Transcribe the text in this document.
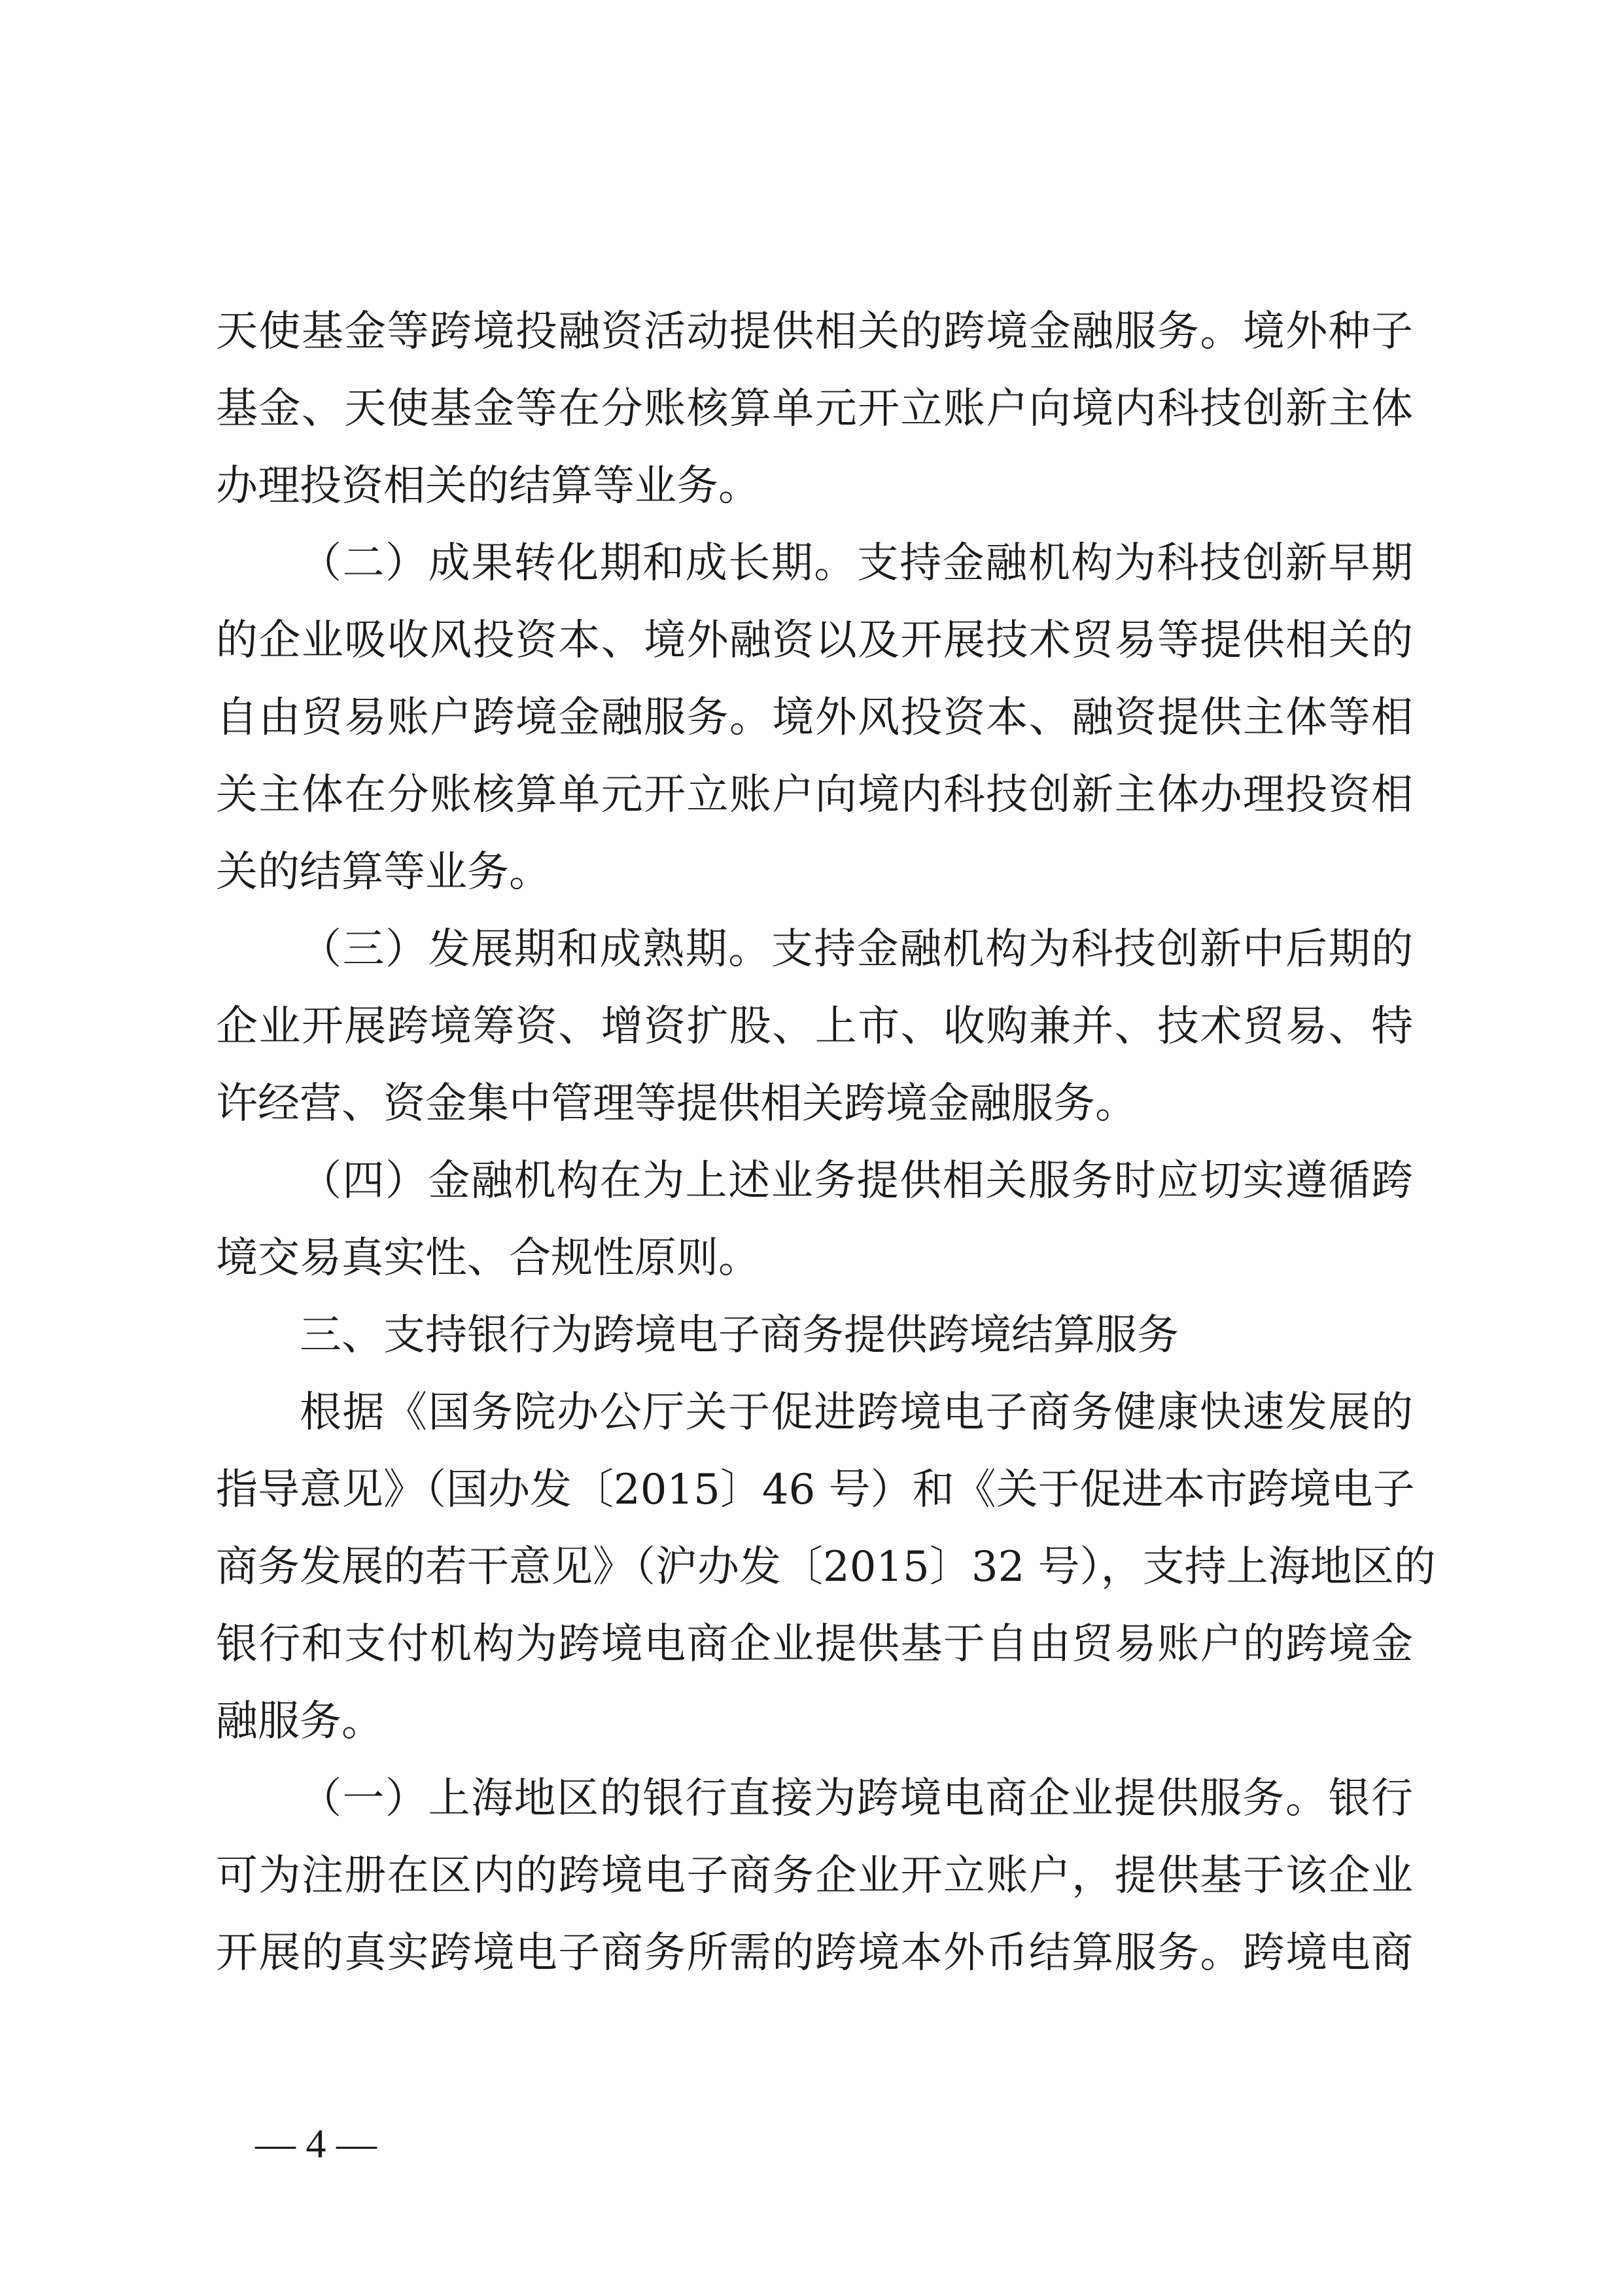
天使基金等跨境投融资活动提供相关的跨境金融服务。境外种子
基金、天使基金等在分账核算单元开立账户向境内科技创新主体
办理投资相关的结算等业务。
（二）成果转化期和成长期。支持金融机构为科技创新早期
的企业吸收风投资本、境外融资以及开展技术贸易等提供相关的
自由贸易账户跨境金融服务。境外风投资本、融资提供主体等相
关主体在分账核算单元开立账户向境内科技创新主体办理投资相
关的结算等业务。
（三）发展期和成熟期。支持金融机构为科技创新中后期的
企业开展跨境筹资、增资扩股、上市、收购兼并、技术贸易、特
许经营、资金集中管理等提供相关跨境金融服务。
（四）金融机构在为上述业务提供相关服务时应切实遵循跨
境交易真实性、合规性原则。
三、支持银行为跨境电子商务提供跨境结算服务
根据《国务院办公厅关于促进跨境电子商务健康快速发展的
指导意见》（国办发〔2015〕46 号）和《关于促进本市跨境电子
商务发展的若干意见》（沪办发〔2015〕32 号），支持上海地区的
银行和支付机构为跨境电商企业提供基于自由贸易账户的跨境金
融服务。
（一）上海地区的银行直接为跨境电商企业提供服务。银行
可为注册在区内的跨境电子商务企业开立账户，提供基于该企业
开展的真实跨境电子商务所需的跨境本外币结算服务。跨境电商
— 4 —
